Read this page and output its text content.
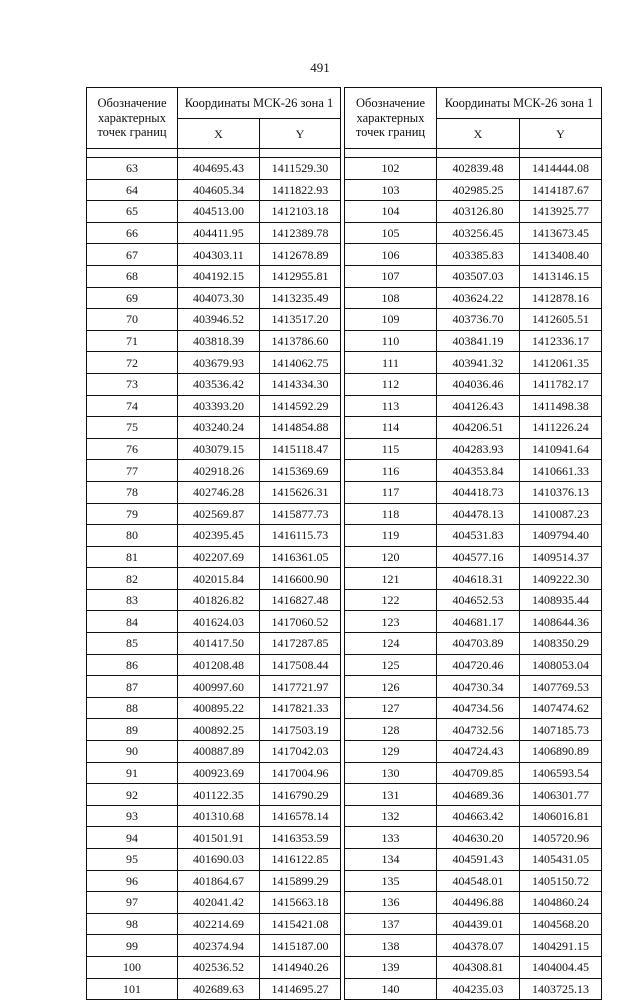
491
Обозначение характерных точек границ	Координаты МСК-26 зона 1	
	X	Y

63	404695.43	1411529.30
64	404605.34	1411822.93
65	404513.00	1412103.18
66	404411.95	1412389.78
67	404303.11	1412678.89
68	404192.15	1412955.81
69	404073.30	1413235.49
70	403946.52	1413517.20
71	403818.39	1413786.60
72	403679.93	1414062.75
73	403536.42	1414334.30
74	403393.20	1414592.29
75	403240.24	1414854.88
76	403079.15	1415118.47
77	402918.26	1415369.69
78	402746.28	1415626.31
79	402569.87	1415877.73
80	402395.45	1416115.73
81	402207.69	1416361.05
82	402015.84	1416600.90
83	401826.82	1416827.48
84	401624.03	1417060.52
85	401417.50	1417287.85
86	401208.48	1417508.44
87	400997.60	1417721.97
88	400895.22	1417821.33
89	400892.25	1417503.19
90	400887.89	1417042.03
91	400923.69	1417004.96
92	401122.35	1416790.29
93	401310.68	1416578.14
94	401501.91	1416353.59
95	401690.03	1416122.85
96	401864.67	1415899.29
97	402041.42	1415663.18
98	402214.69	1415421.08
99	402374.94	1415187.00
100	402536.52	1414940.26
101	402689.63	1414695.27
Обозначение характерных точек границ	Координаты МСК-26 зона 1	
	X	Y

102	402839.48	1414444.08
103	402985.25	1414187.67
104	403126.80	1413925.77
105	403256.45	1413673.45
106	403385.83	1413408.40
107	403507.03	1413146.15
108	403624.22	1412878.16
109	403736.70	1412605.51
110	403841.19	1412336.17
111	403941.32	1412061.35
112	404036.46	1411782.17
113	404126.43	1411498.38
114	404206.51	1411226.24
115	404283.93	1410941.64
116	404353.84	1410661.33
117	404418.73	1410376.13
118	404478.13	1410087.23
119	404531.83	1409794.40
120	404577.16	1409514.37
121	404618.31	1409222.30
122	404652.53	1408935.44
123	404681.17	1408644.36
124	404703.89	1408350.29
125	404720.46	1408053.04
126	404730.34	1407769.53
127	404734.56	1407474.62
128	404732.56	1407185.73
129	404724.43	1406890.89
130	404709.85	1406593.54
131	404689.36	1406301.77
132	404663.42	1406016.81
133	404630.20	1405720.96
134	404591.43	1405431.05
135	404548.01	1405150.72
136	404496.88	1404860.24
137	404439.01	1404568.20
138	404378.07	1404291.15
139	404308.81	1404004.45
140	404235.03	1403725.13
